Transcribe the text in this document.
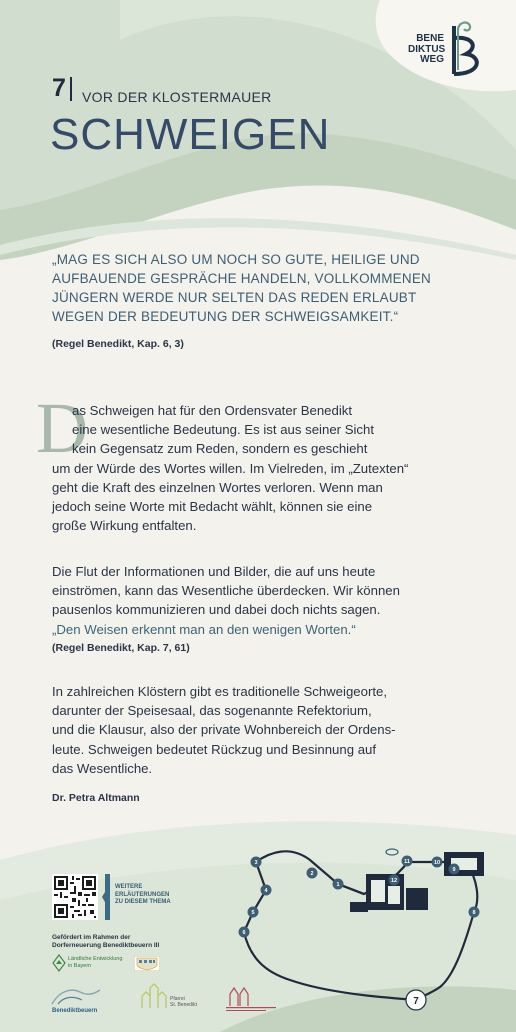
BENE
DIKTUS
WEG
7 VOR DER KLOSTERMAUER
SCHWEIGEN
„MAG ES SICH ALSO UM NOCH SO GUTE, HEILIGE UND
AUFBAUENDE GESPRÄCHE HANDELN, VOLLKOMMENEN
JÜNGERN WERDE NUR SELTEN DAS REDEN ERLAUBT
WEGEN DER BEDEUTUNG DER SCHWEIGSAMKEIT.“
(Regel Benedikt, Kap. 6, 3)
D
as Schweigen hat für den Ordensvater Benedikt
eine wesentliche Bedeutung. Es ist aus seiner Sicht
kein Gegensatz zum Reden, sondern es geschieht
um der Würde des Wortes willen. Im Vielreden, im „Zutexten“
geht die Kraft des einzelnen Wortes verloren. Wenn man
jedoch seine Worte mit Bedacht wählt, können sie eine
große Wirkung entfalten.
Die Flut der Informationen und Bilder, die auf uns heute
einströmen, kann das Wesentliche überdecken. Wir können
pausenlos kommunizieren und dabei doch nichts sagen.
„Den Weisen erkennt man an den wenigen Worten.“
(Regel Benedikt, Kap. 7, 61)
In zahlreichen Klöstern gibt es traditionelle Schweigeorte,
darunter der Speisesaal, das sogenannte Refektorium,
und die Klausur, also der private Wohnbereich der Ordens-
leute. Schweigen bedeutet Rückzug und Besinnung auf
das Wesentliche.
Dr. Petra Altmann
WEITERE
ERLÄUTERUNGEN
ZU DIESEM THEMA
Gefördert im Rahmen der
Dorferneuerung Benediktbeuern III
Ländliche Entwicklung
in Bayern
Benediktbeuern
Pfarrei
St. Benedikt
3
4
5
6
2
1
12
11	10
9
8
7
